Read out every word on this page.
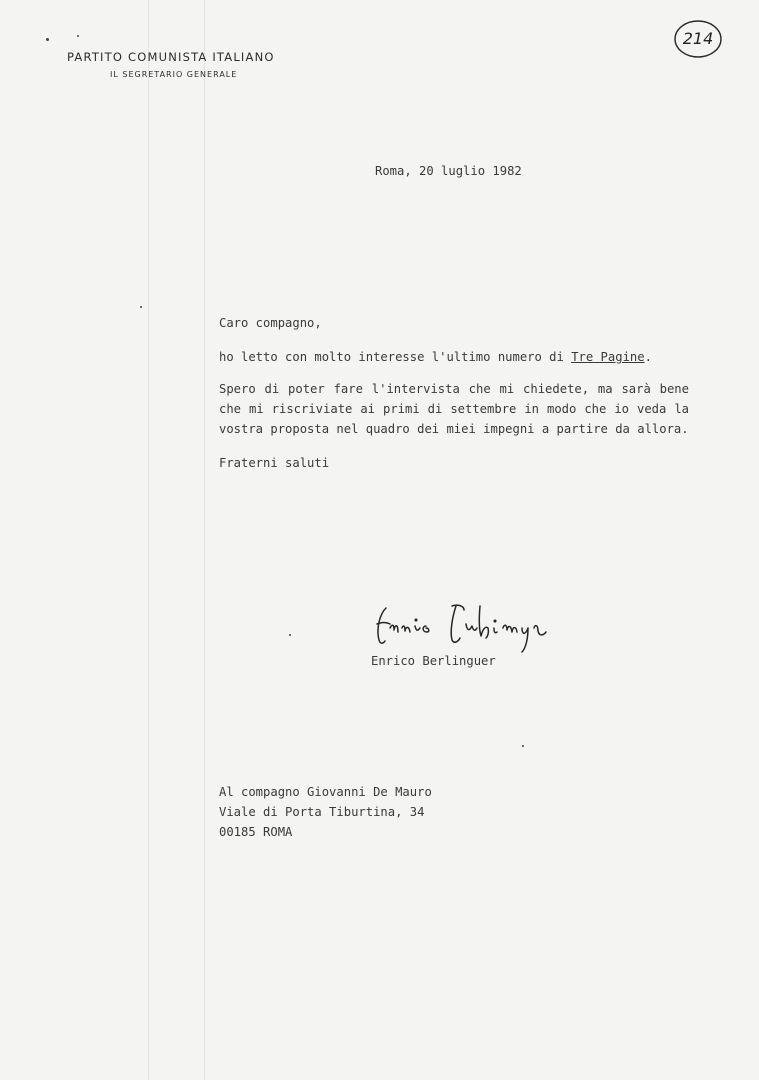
PARTITO COMUNISTA ITALIANO
IL SEGRETARIO GENERALE
214
Roma, 20 luglio 1982

Caro compagno,

ho letto con molto interesse l'ultimo numero di Tre Pagine.

Spero di poter fare l'intervista che mi chiedete, ma sarà bene che mi riscriviate ai primi di settembre in modo che io veda la vostra proposta nel quadro dei miei impegni a partire da allora.

Fraterni saluti

Enrico Berlinguer
Al compagno Giovanni De Mauro
Viale di Porta Tiburtina, 34
00185 ROMA
